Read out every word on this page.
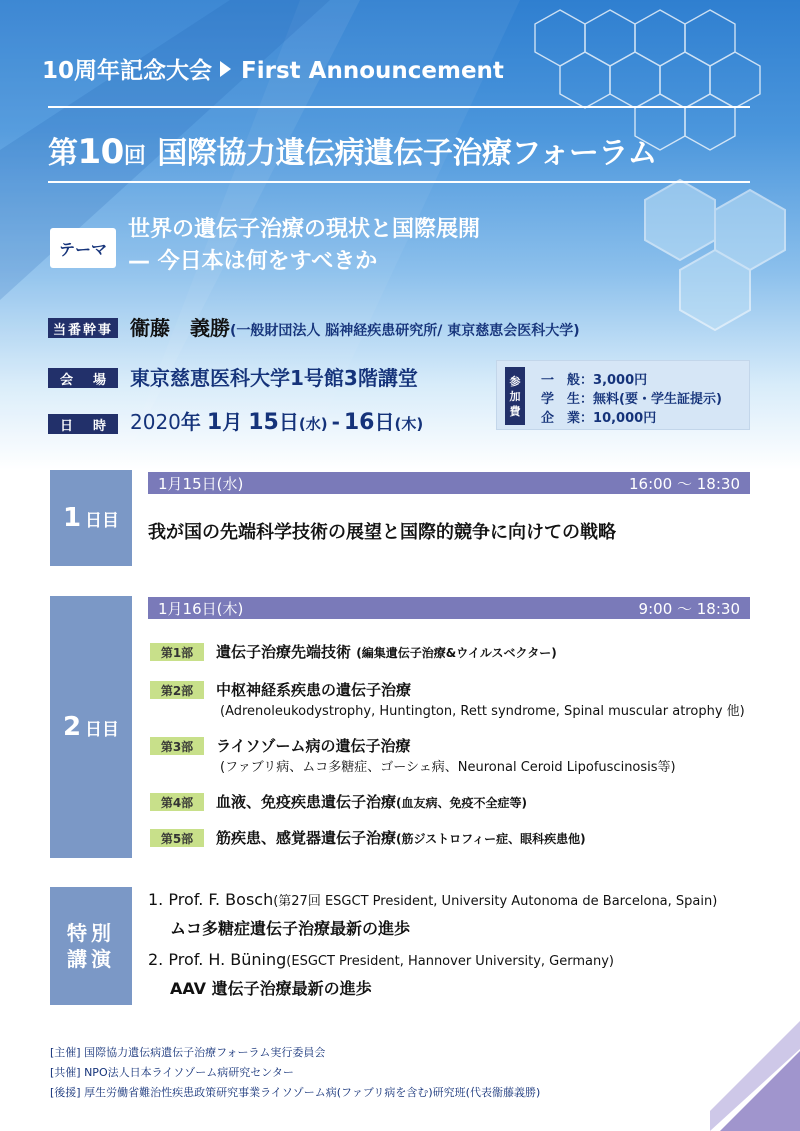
10周年記念大会 First Announcement
第10回 国際協力遺伝病遺伝子治療フォーラム
テーマ
世界の遺伝子治療の現状と国際展開
— 今日本は何をすべきか
当番幹事 衞藤　義勝(一般財団法人 脳神経疾患研究所/ 東京慈恵会医科大学)
会 場 東京慈恵医科大学1号館3階講堂
日 時 2020年 1月 15日(水) - 16日(木)
参
加
費
一　般：3,000円
学　生：無料(要・学生証提示)
企　業：10,000円
1 日目
1月15日(水)	16:00 〜 18:30
我が国の先端科学技術の展望と国際的競争に向けての戦略
2 日目
1月16日(木)	9:00 〜 18:30
第1部	遺伝子治療先端技術 (編集遺伝子治療&ウイルスベクター)
第2部	中枢神経系疾患の遺伝子治療
(Adrenoleukodystrophy, Huntington, Rett syndrome, Spinal muscular atrophy 他)
第3部	ライソゾーム病の遺伝子治療
(ファブリ病、ムコ多糖症、ゴーシェ病、Neuronal Ceroid Lipofuscinosis等)
第4部	血液、免疫疾患遺伝子治療(血友病、免疫不全症等)
第5部	筋疾患、感覚器遺伝子治療(筋ジストロフィー症、眼科疾患他)
特別
講演
1. Prof. F. Bosch(第27回 ESGCT President, University Autonoma de Barcelona, Spain)
ムコ多糖症遺伝子治療最新の進歩
2. Prof. H. Büning(ESGCT President, Hannover University, Germany)
AAV 遺伝子治療最新の進歩
[主催] 国際協力遺伝病遺伝子治療フォーラム実行委員会
[共催] NPO法人日本ライソゾーム病研究センター
[後援] 厚生労働省難治性疾患政策研究事業ライソゾーム病(ファブリ病を含む)研究班(代表衞藤義勝)
